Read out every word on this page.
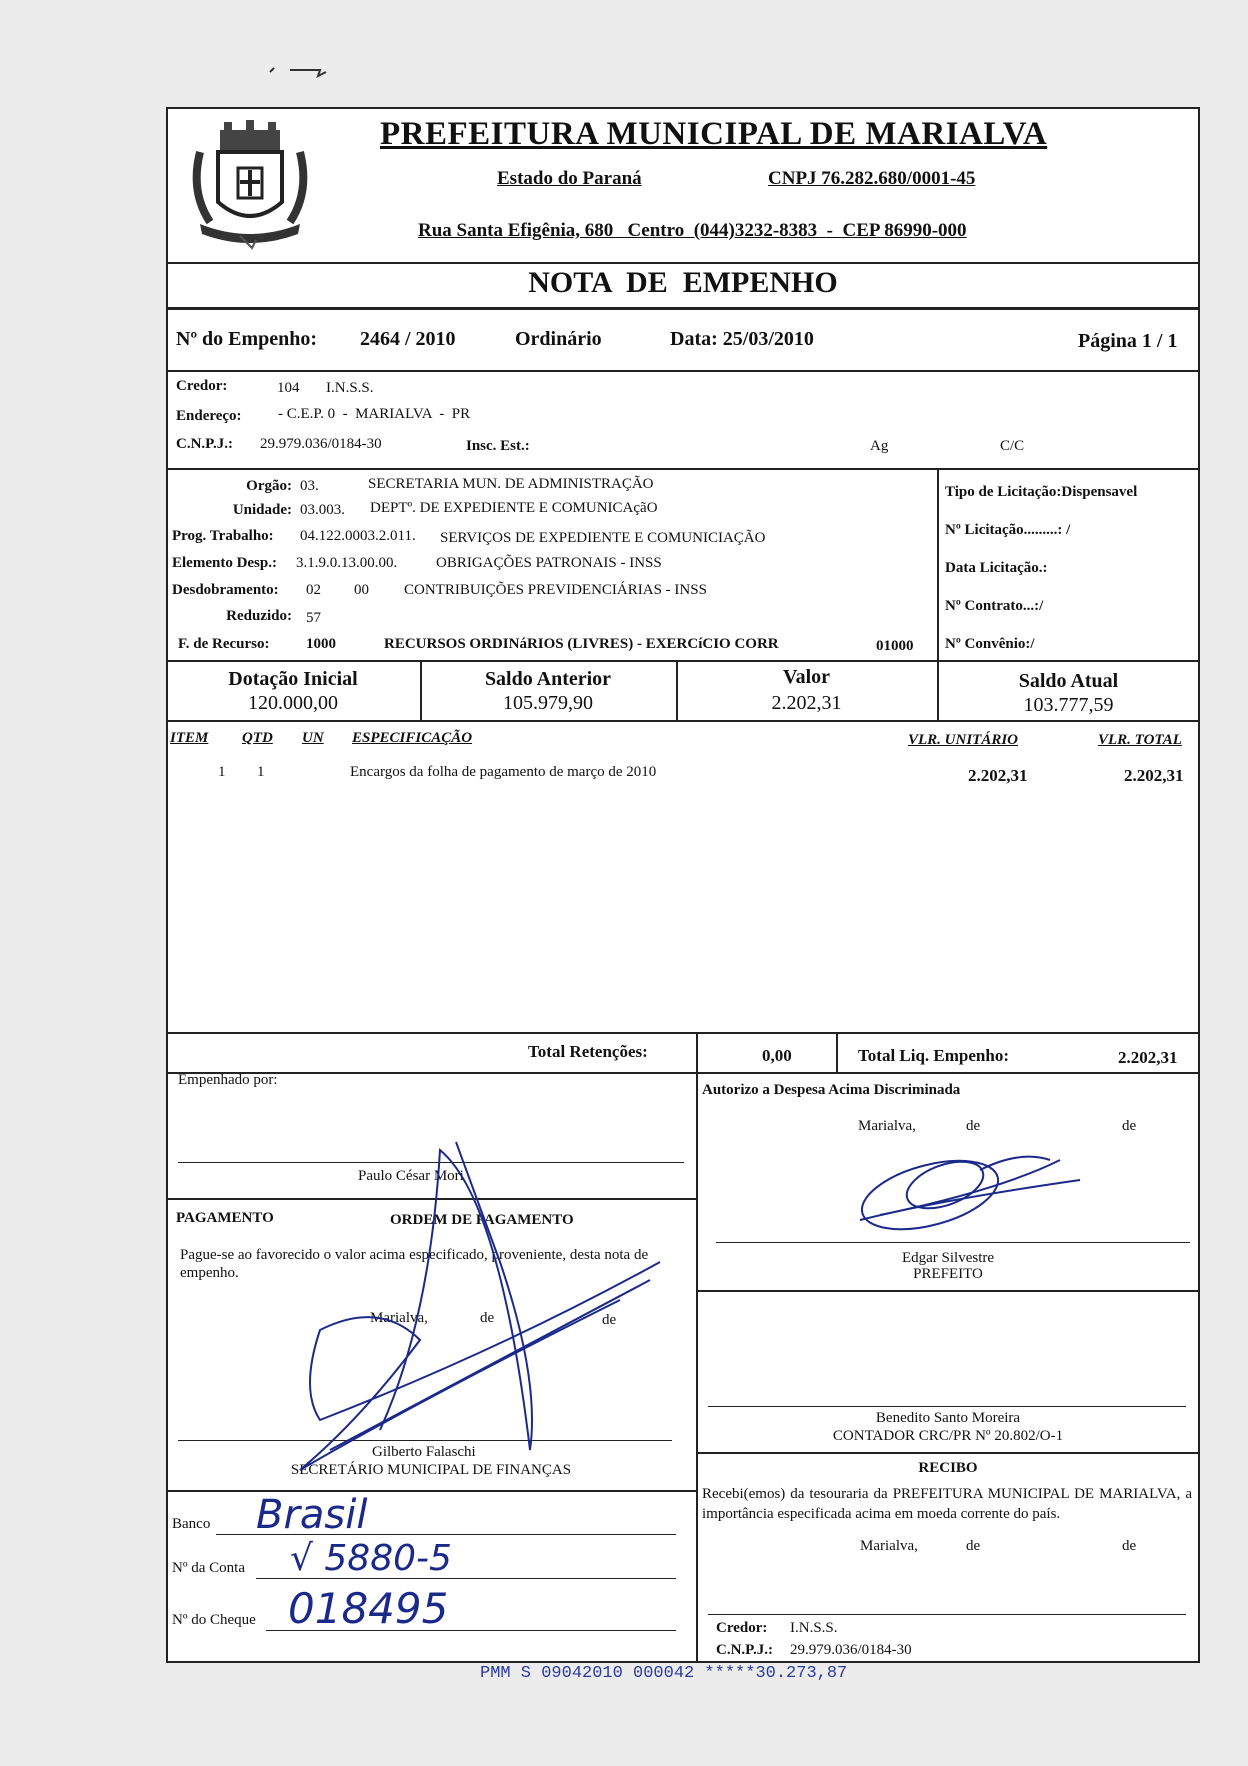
PREFEITURA MUNICIPAL DE MARIALVA
Estado do Paraná	CNPJ 76.282.680/0001-45
Rua Santa Efigênia, 680   Centro  (044)3232-8383  -  CEP 86990-000
NOTA  DE  EMPENHO
Nº do Empenho: 2464 / 2010	Ordinário	Data: 25/03/2010	Página 1 / 1
Credor:	104 I.N.S.S.
Endereço: - C.E.P. 0  -  MARIALVA  -  PR
C.N.P.J.: 29.979.036/0184-30	Insc. Est.:	Ag	C/C
Orgão: 03.	SECRETARIA MUN. DE ADMINISTRAÇÃO
Unidade: 03.003. DEPTº. DE EXPEDIENTE E COMUNICAçãO
Prog. Trabalho: 04.122.0003.2.011. SERVIÇOS DE EXPEDIENTE E COMUNICIAÇÃO
Elemento Desp.: 3.1.9.0.13.00.00.	OBRIGAÇÕES PATRONAIS - INSS
Desdobramento: 02 00 CONTRIBUIÇÕES PREVIDENCIÁRIAS - INSS
Reduzido: 57
F. de Recurso: 1000	RECURSOS ORDINáRIOS (LIVRES) - EXERCíCIO CORR	01000
Tipo de Licitação:Dispensavel
Nº Licitação.........: /
Data Licitação.:
Nº Contrato...:/
Nº Convênio:/
Dotação Inicial
120.000,00
Saldo Anterior
105.979,90
Valor
2.202,31
Saldo Atual
103.777,59
ITEM QTD UN ESPECIFICAÇÃO	VLR. UNITÁRIO	VLR. TOTAL
1 1	Encargos da folha de pagamento de março de 2010	2.202,31	2.202,31
Total Retenções:	0,00	Total Liq. Empenho:	2.202,31
Empenhado por:
Paulo César Mori
PAGAMENTO	ORDEM DE PAGAMENTO
Pague-se ao favorecido o valor acima especificado, proveniente, desta nota de empenho.
Marialva,	de	de
Gilberto Falaschi
SECRETÁRIO MUNICIPAL DE FINANÇAS
Banco Brasil
Nº da Conta √ 5880-5
Nº do Cheque 018495
Autorizo a Despesa Acima Discriminada
Marialva,	de	de
Edgar Silvestre
PREFEITO
Benedito Santo Moreira
CONTADOR CRC/PR Nº 20.802/O-1
RECIBO
Recebi(emos) da tesouraria da PREFEITURA MUNICIPAL DE MARIALVA, a importância especificada acima em moeda corrente do país.
Marialva,	de	de
Credor: I.N.S.S.
C.N.P.J.: 29.979.036/0184-30
PMM S 09042010 000042 *****30.273,87
